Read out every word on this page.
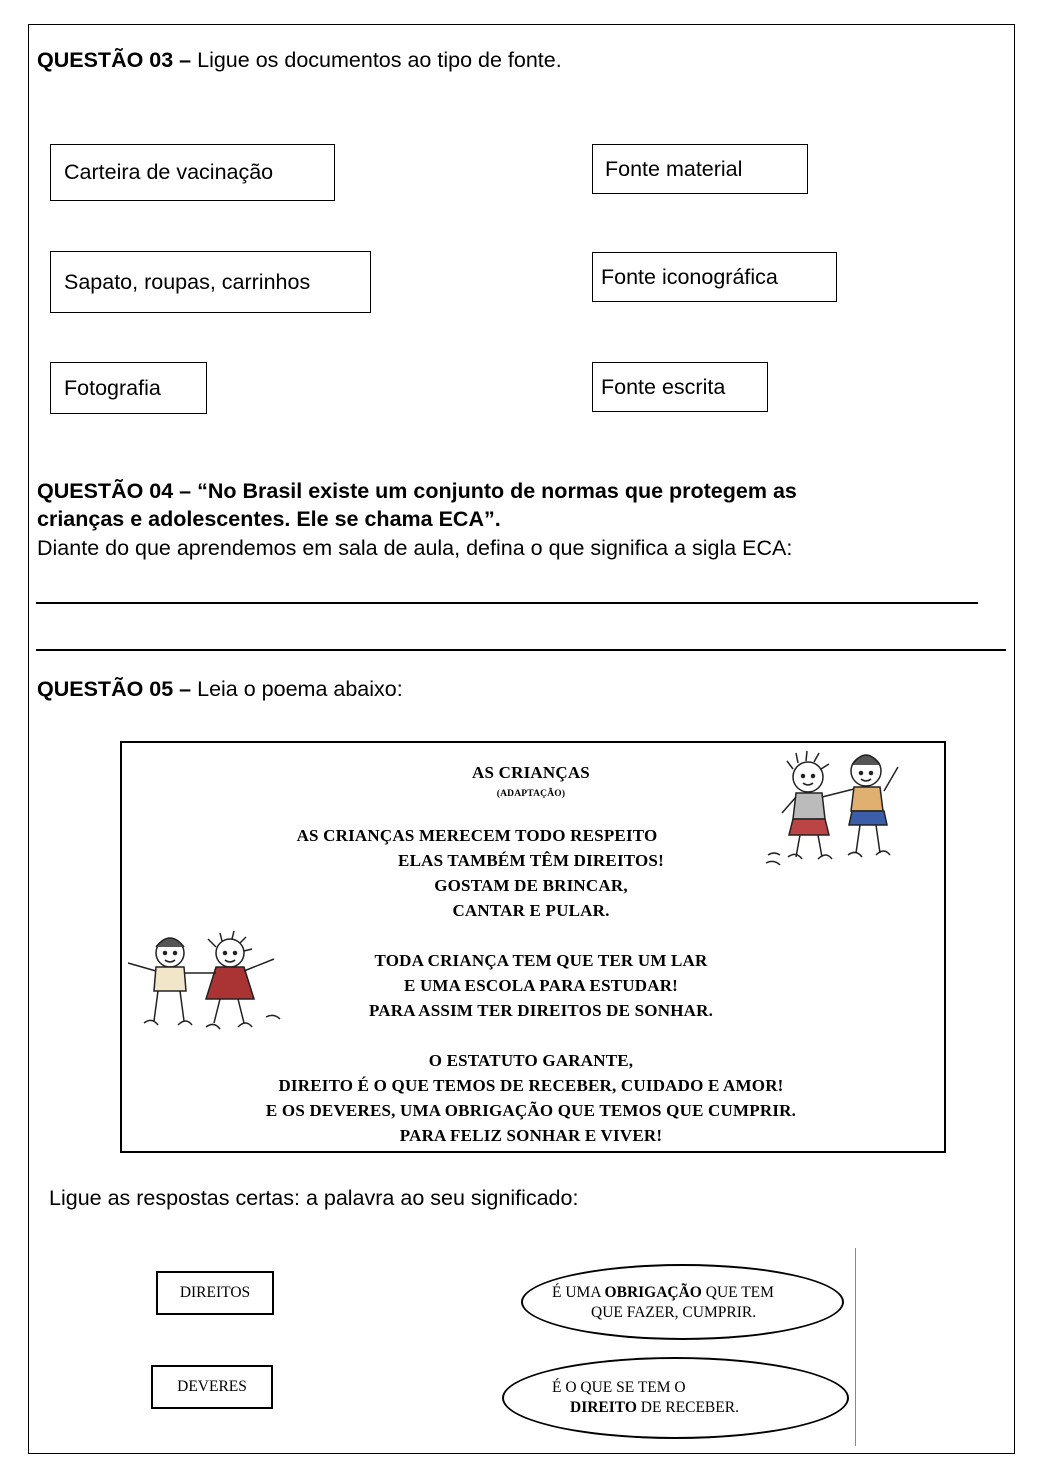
QUESTÃO 03 – Ligue os documentos ao tipo de fonte.
Carteira de vacinação
Sapato, roupas, carrinhos
Fotografia
Fonte material
Fonte iconográfica
Fonte escrita
QUESTÃO 04 – “No Brasil existe um conjunto de normas que protegem as
crianças e adolescentes. Ele se chama ECA”.
Diante do que aprendemos em sala de aula, defina o que significa a sigla ECA:
QUESTÃO 05 – Leia o poema abaixo:
AS CRIANÇAS
(ADAPTAÇÃO)
AS CRIANÇAS MERECEM TODO RESPEITO
ELAS TAMBÉM TÊM DIREITOS!
GOSTAM DE BRINCAR,
CANTAR E PULAR.
TODA CRIANÇA TEM QUE TER UM LAR
E UMA ESCOLA PARA ESTUDAR!
PARA ASSIM TER DIREITOS DE SONHAR.
O ESTATUTO GARANTE,
DIREITO É O QUE TEMOS DE RECEBER, CUIDADO E AMOR!
E OS DEVERES, UMA OBRIGAÇÃO QUE TEMOS QUE CUMPRIR.
PARA FELIZ SONHAR E VIVER!
Ligue as respostas certas: a palavra ao seu significado:
DIREITOS
DEVERES
É UMA OBRIGAÇÃO QUE TEM
QUE FAZER, CUMPRIR.
É O QUE SE TEM O
DIREITO DE RECEBER.
